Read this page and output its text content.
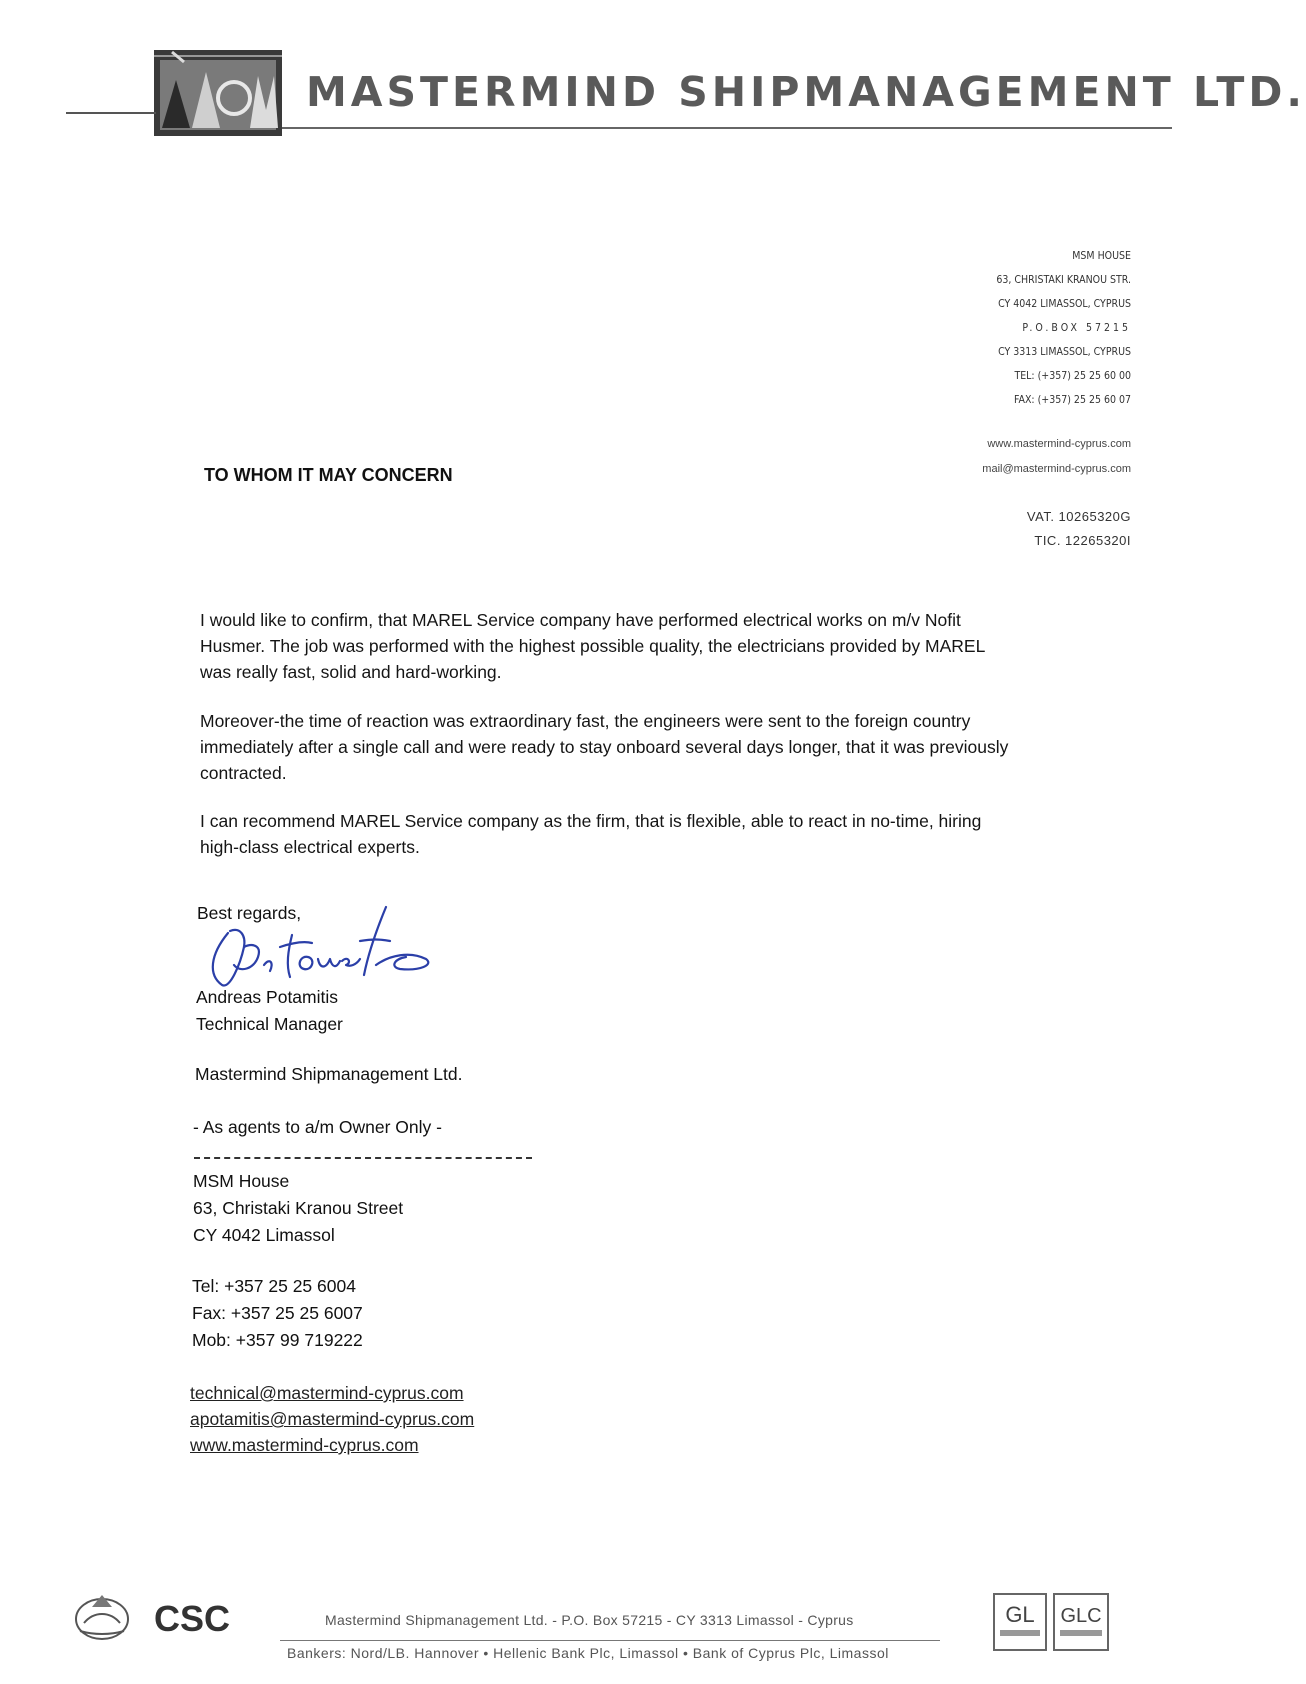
MASTERMIND SHIPMANAGEMENT LTD.
MSM HOUSE
63, CHRISTAKI KRANOU STR.
CY 4042 LIMASSOL, CYPRUS
P.O.BOX 57215
CY 3313 LIMASSOL, CYPRUS
TEL: (+357) 25 25 60 00
FAX: (+357) 25 25 60 07
www.mastermind-cyprus.com
mail@mastermind-cyprus.com
VAT. 10265320G
TIC. 12265320I
TO WHOM IT MAY CONCERN
I would like to confirm, that MAREL Service company have performed electrical works on m/v Nofit Husmer. The job was performed with the highest possible quality, the electricians provided by MAREL was really fast, solid and hard-working.
Moreover-the time of reaction was extraordinary fast, the engineers were sent to the foreign country immediately after a single call and were ready to stay onboard several days longer, that it was previously contracted.
I can recommend MAREL Service company as the firm, that is flexible, able to react in no-time, hiring high-class electrical experts.
Best regards,
Andreas Potamitis
Technical Manager
Mastermind Shipmanagement Ltd.
- As agents to a/m Owner Only -
MSM House
63, Christaki Kranou Street
CY 4042 Limassol
Tel: +357 25 25 6004
Fax: +357 25 25 6007
Mob: +357 99 719222
technical@mastermind-cyprus.com
apotamitis@mastermind-cyprus.com
www.mastermind-cyprus.com
CSC	Mastermind Shipmanagement Ltd. - P.O. Box 57215 - CY 3313 Limassol - Cyprus
Bankers: Nord/LB. Hannover • Hellenic Bank Plc, Limassol • Bank of Cyprus Plc, Limassol
GL GLC
